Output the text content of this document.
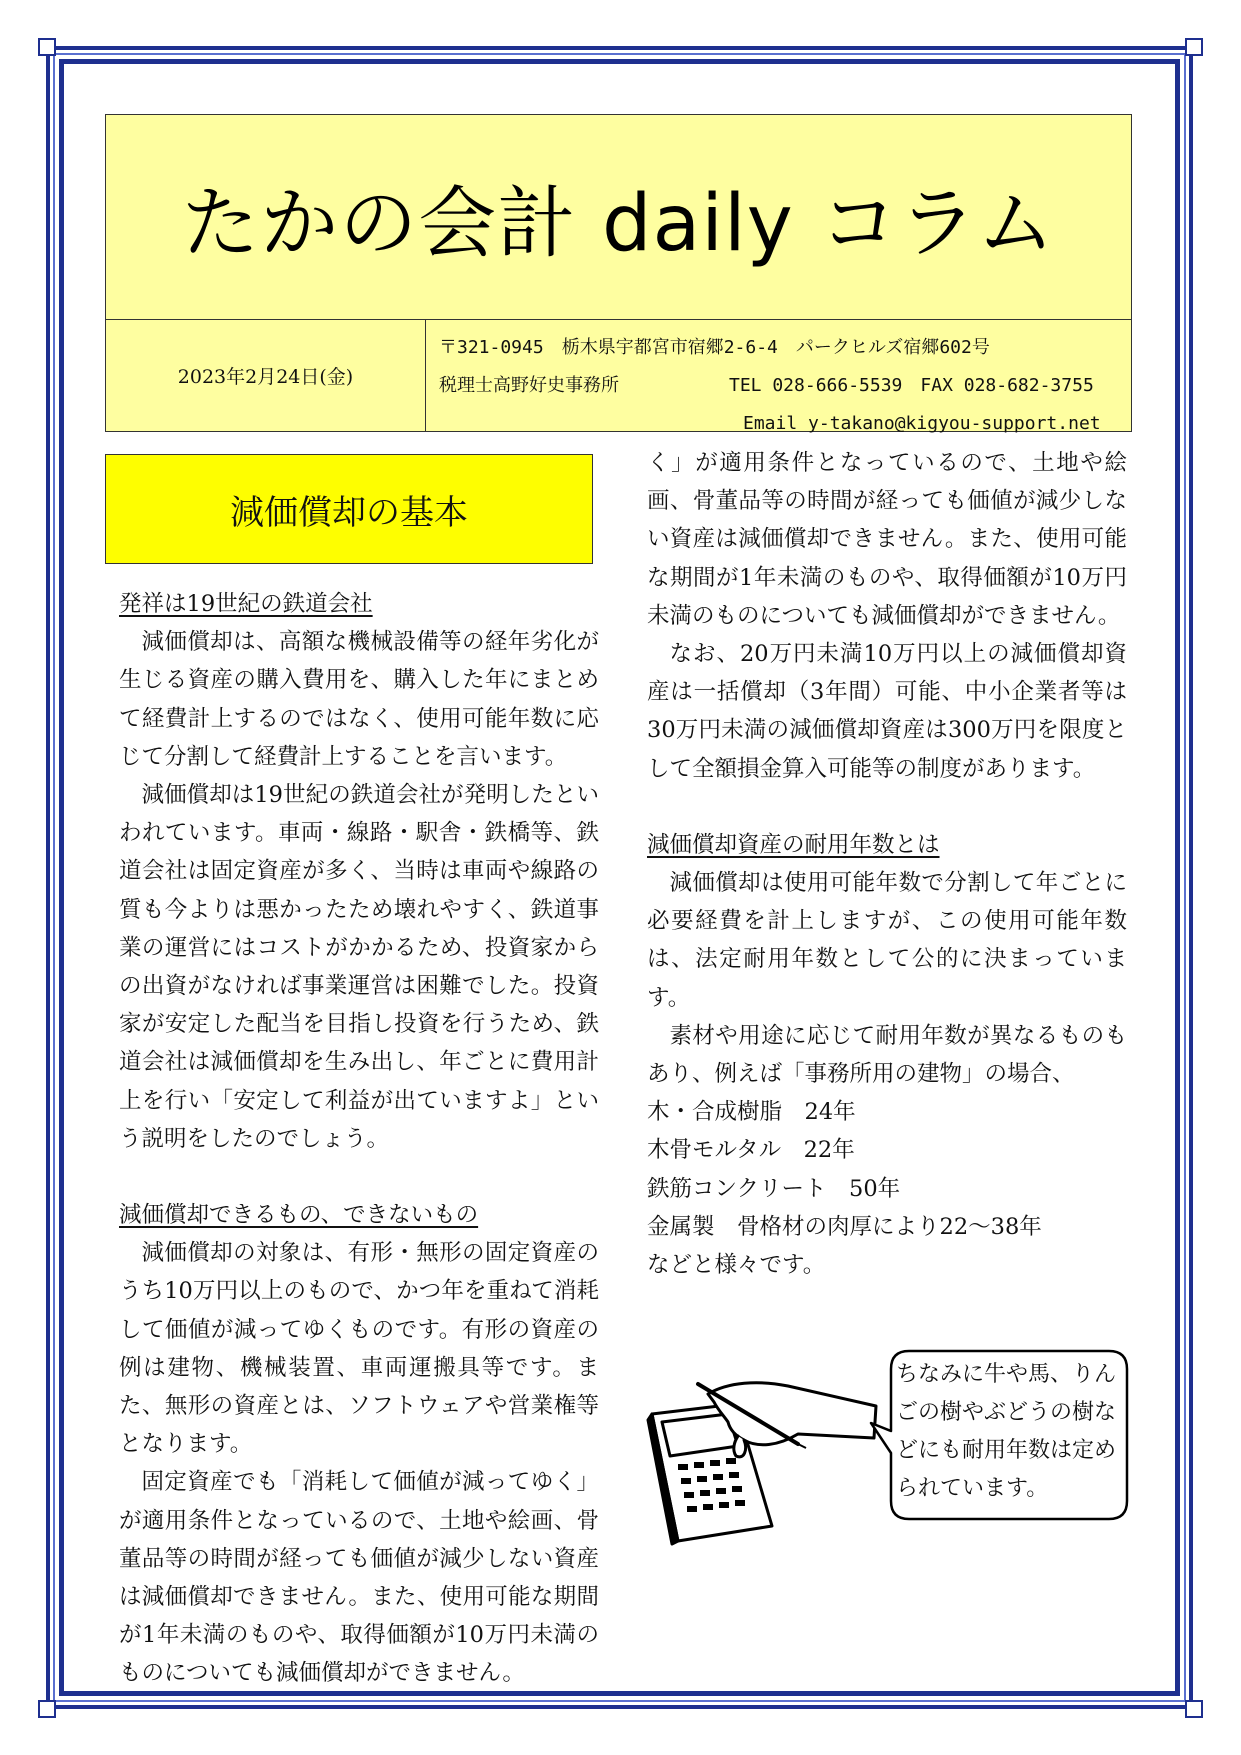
たかの会計 daily コラム
2023年2月24日(金)
〒321-0945　栃木県宇都宮市宿郷2-6-4　パークヒルズ宿郷602号
税理士高野好史事務所	TEL 028-666-5539　FAX 028-682-3755
Email y-takano@kigyou-support.net
減価償却の基本

発祥は19世紀の鉄道会社

減価償却は、高額な機械設備等の経年劣化が生じる資産の購入費用を、購入した年にまとめて経費計上するのではなく、使用可能年数に応じて分割して経費計上することを言います。

減価償却は19世紀の鉄道会社が発明したといわれています。車両・線路・駅舎・鉄橋等、鉄道会社は固定資産が多く、当時は車両や線路の質も今よりは悪かったため壊れやすく、鉄道事業の運営にはコストがかかるため、投資家からの出資がなければ事業運営は困難でした。投資家が安定した配当を目指し投資を行うため、鉄道会社は減価償却を生み出し、年ごとに費用計上を行い「安定して利益が出ていますよ」という説明をしたのでしょう。

減価償却できるもの、できないもの

減価償却の対象は、有形・無形の固定資産のうち10万円以上のもので、かつ年を重ねて消耗して価値が減ってゆくものです。有形の資産の例は建物、機械装置、車両運搬具等です。また、無形の資産とは、ソフトウェアや営業権等となります。

固定資産でも「消耗して価値が減ってゆく」が適用条件となっているので、土地や絵画、骨董品等の時間が経っても価値が減少しない資産は減価償却できません。また、使用可能な期間が1年未満のものや、取得価額が10万円未満のものについても減価償却ができません。

く」が適用条件となっているので、土地や絵画、骨董品等の時間が経っても価値が減少しない資産は減価償却できません。また、使用可能な期間が1年未満のものや、取得価額が10万円未満のものについても減価償却ができません。

なお、20万円未満10万円以上の減価償却資産は一括償却（3年間）可能、中小企業者等は30万円未満の減価償却資産は300万円を限度として全額損金算入可能等の制度があります。

減価償却資産の耐用年数とは

減価償却は使用可能年数で分割して年ごとに必要経費を計上しますが、この使用可能年数は、法定耐用年数として公的に決まっています。

素材や用途に応じて耐用年数が異なるものもあり、例えば「事務所用の建物」の場合、

木・合成樹脂　24年

木骨モルタル　22年

鉄筋コンクリート　50年

金属製　骨格材の肉厚により22〜38年

などと様々です。

ちなみに牛や馬、りんごの樹やぶどうの樹などにも耐用年数は定められています。
